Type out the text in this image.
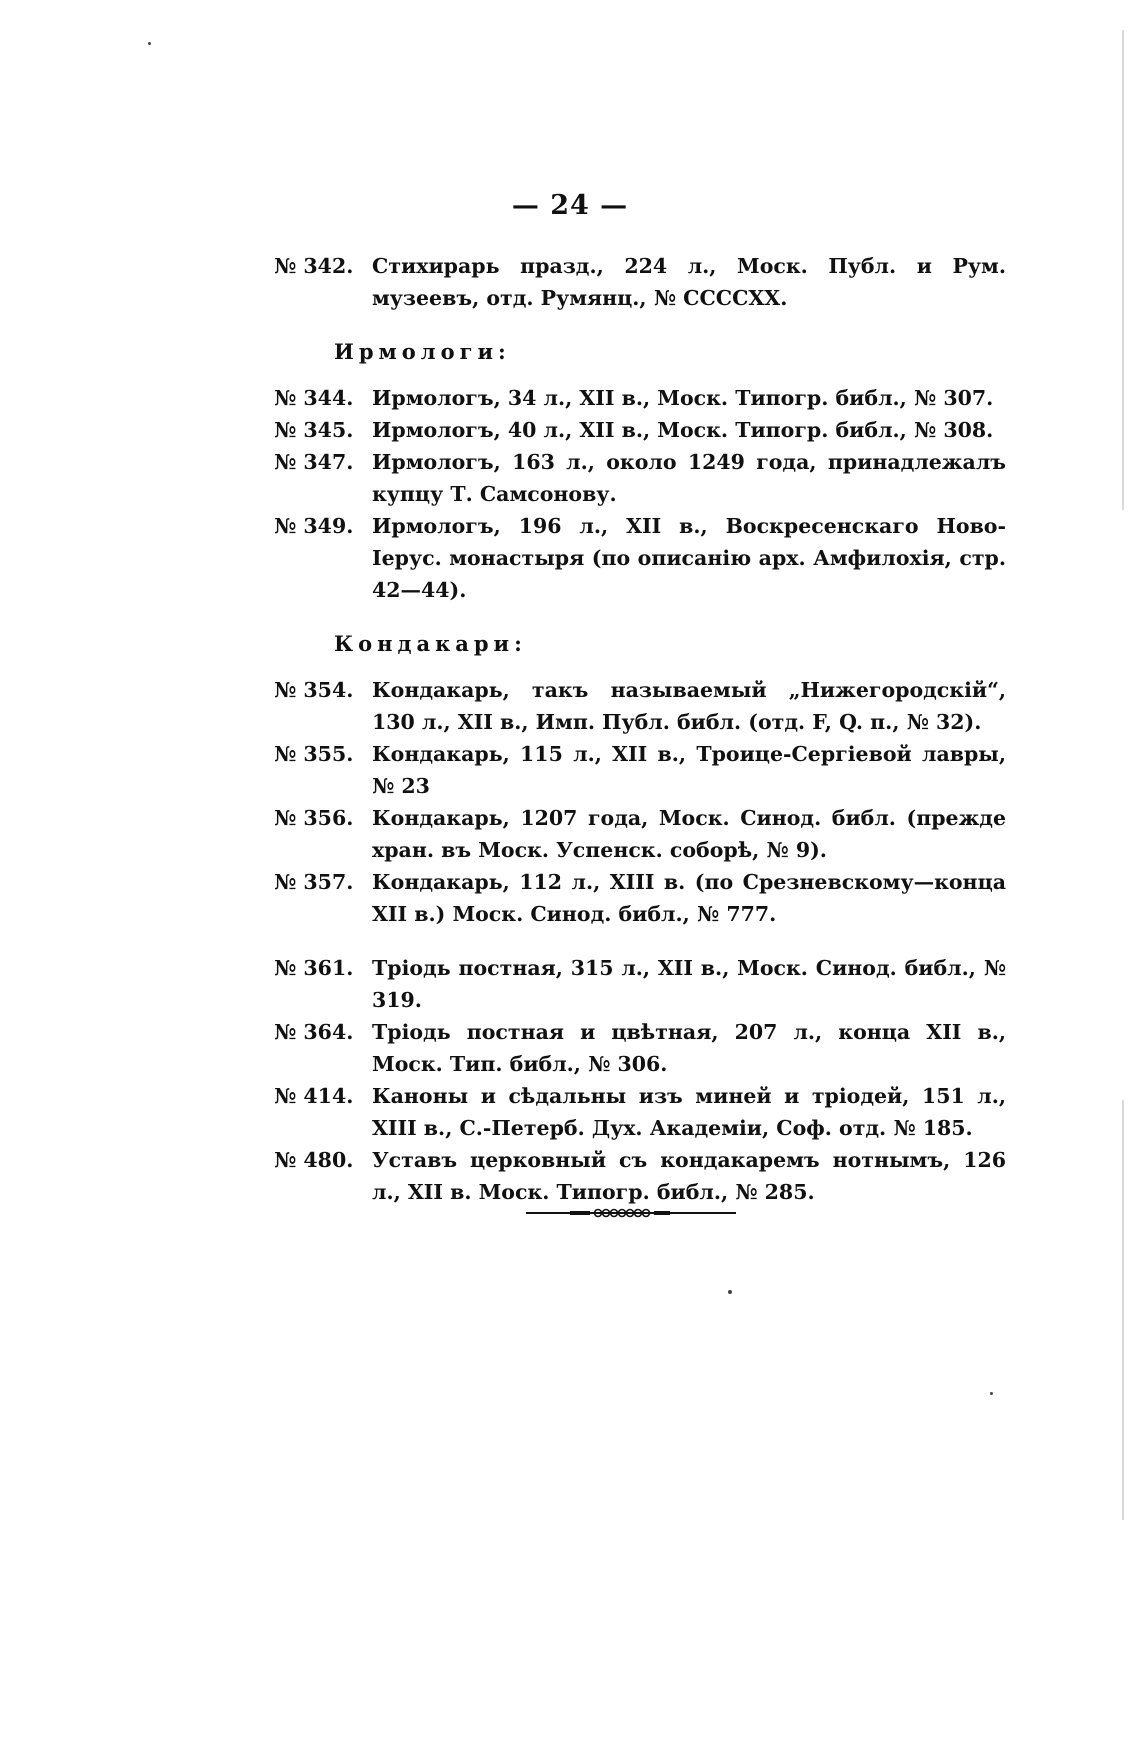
— 24 —
№ 342. Стихирарь празд., 224 л., Моск. Публ. и Рум. музеевъ, отд. Румянц., № CCCCXX.

Ирмологи:

№ 344. Ирмологъ, 34 л., XII в., Моск. Типогр. библ., № 307.
№ 345. Ирмологъ, 40 л., XII в., Моск. Типогр. библ., № 308.
№ 347. Ирмологъ, 163 л., около 1249 года, принадлежалъ купцу Т. Самсонову.
№ 349. Ирмологъ, 196 л., XII в., Воскресенскаго Ново-Іерус. монастыря (по описанію арх. Амфилохія, стр. 42—44).

Кондакари:

№ 354. Кондакарь, такъ называемый „Нижегородскій“, 130 л., XII в., Имп. Публ. библ. (отд. F, Q. п., № 32).
№ 355. Кондакарь, 115 л., XII в., Троице-Сергіевой лавры, № 23
№ 356. Кондакарь, 1207 года, Моск. Синод. библ. (прежде хран. въ Моск. Успенск. соборѣ, № 9).
№ 357. Кондакарь, 112 л., XIII в. (по Срезневскому—конца XII в.) Моск. Синод. библ., № 777.
№ 361. Тріодь постная, 315 л., XII в., Моск. Синод. библ., № 319.
№ 364. Тріодь постная и цвѣтная, 207 л., конца XII в., Моск. Тип. библ., № 306.
№ 414. Каноны и сѣдальны изъ миней и тріодей, 151 л., XIII в., С.-Петерб. Дух. Академіи, Соф. отд. № 185.
№ 480. Уставъ церковный съ кондакаремъ нотнымъ, 126 л., XII в. Моск. Типогр. библ., № 285.
